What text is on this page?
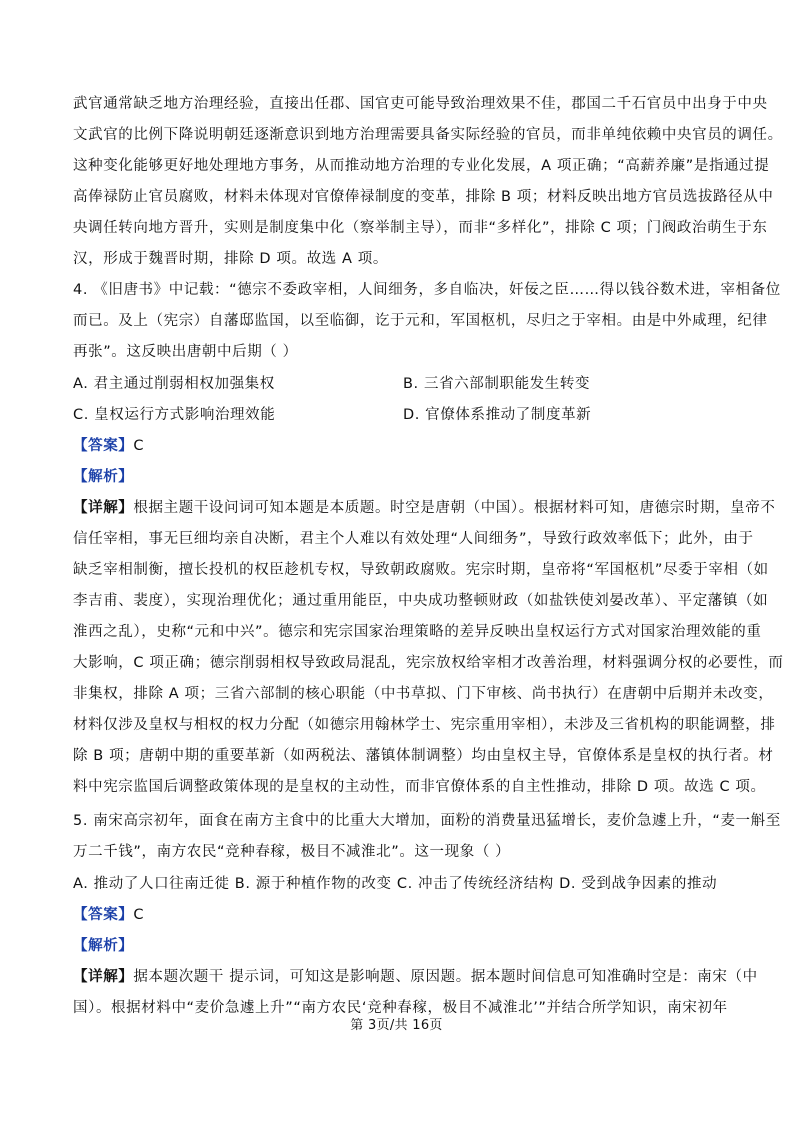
武官通常缺乏地方治理经验，直接出任郡、国官吏可能导致治理效果不佳，郡国二千石官员中出身于中央
文武官的比例下降说明朝廷逐渐意识到地方治理需要具备实际经验的官员，而非单纯依赖中央官员的调任。
这种变化能够更好地处理地方事务，从而推动地方治理的专业化发展，A 项正确；“高薪养廉”是指通过提
高俸禄防止官员腐败，材料未体现对官僚俸禄制度的变革，排除 B 项；材料反映出地方官员选拔路径从中
央调任转向地方晋升，实则是制度集中化（察举制主导），而非“多样化”，排除 C 项；门阀政治萌生于东
汉，形成于魏晋时期，排除 D 项。故选 A 项。
4. 《旧唐书》中记载：“德宗不委政宰相，人间细务，多自临决，奸佞之臣……得以钱谷数术进，宰相备位
而已。及上（宪宗）自藩邸监国，以至临御，讫于元和，军国枢机，尽归之于宰相。由是中外咸理，纪律
再张”。这反映出唐朝中后期（ ）
A. 君主通过削弱相权加强集权	B. 三省六部制职能发生转变
C. 皇权运行方式影响治理效能	D. 官僚体系推动了制度革新
【答案】C
【解析】
【详解】根据主题干设问词可知本题是本质题。时空是唐朝（中国）。根据材料可知，唐德宗时期，皇帝不
信任宰相，事无巨细均亲自决断，君主个人难以有效处理“人间细务”，导致行政效率低下；此外，由于
缺乏宰相制衡，擅长投机的权臣趁机专权，导致朝政腐败。宪宗时期，皇帝将“军国枢机”尽委于宰相（如
李吉甫、裴度），实现治理优化；通过重用能臣，中央成功整顿财政（如盐铁使刘晏改革）、平定藩镇（如
淮西之乱），史称“元和中兴”。德宗和宪宗国家治理策略的差异反映出皇权运行方式对国家治理效能的重
大影响，C 项正确；德宗削弱相权导致政局混乱，宪宗放权给宰相才改善治理，材料强调分权的必要性，而
非集权，排除 A 项；三省六部制的核心职能（中书草拟、门下审核、尚书执行）在唐朝中后期并未改变，
材料仅涉及皇权与相权的权力分配（如德宗用翰林学士、宪宗重用宰相），未涉及三省机构的职能调整，排
除 B 项；唐朝中期的重要革新（如两税法、藩镇体制调整）均由皇权主导，官僚体系是皇权的执行者。材
料中宪宗监国后调整政策体现的是皇权的主动性，而非官僚体系的自主性推动，排除 D 项。故选 C 项。
5. 南宋高宗初年，面食在南方主食中的比重大大增加，面粉的消费量迅猛增长，麦价急遽上升，“麦一斛至
万二千钱”，南方农民“竞种春稼，极目不减淮北”。这一现象（ ）
A. 推动了人口往南迁徙 B. 源于种植作物的改变 C. 冲击了传统经济结构 D. 受到战争因素的推动
【答案】C
【解析】
【详解】据本题次题干 提示词，可知这是影响题、原因题。据本题时间信息可知准确时空是：南宋（中
国）。根据材料中“麦价急遽上升”“南方农民‘竞种春稼，极目不减淮北’”并结合所学知识，南宋初年
第 3页/共 16页
